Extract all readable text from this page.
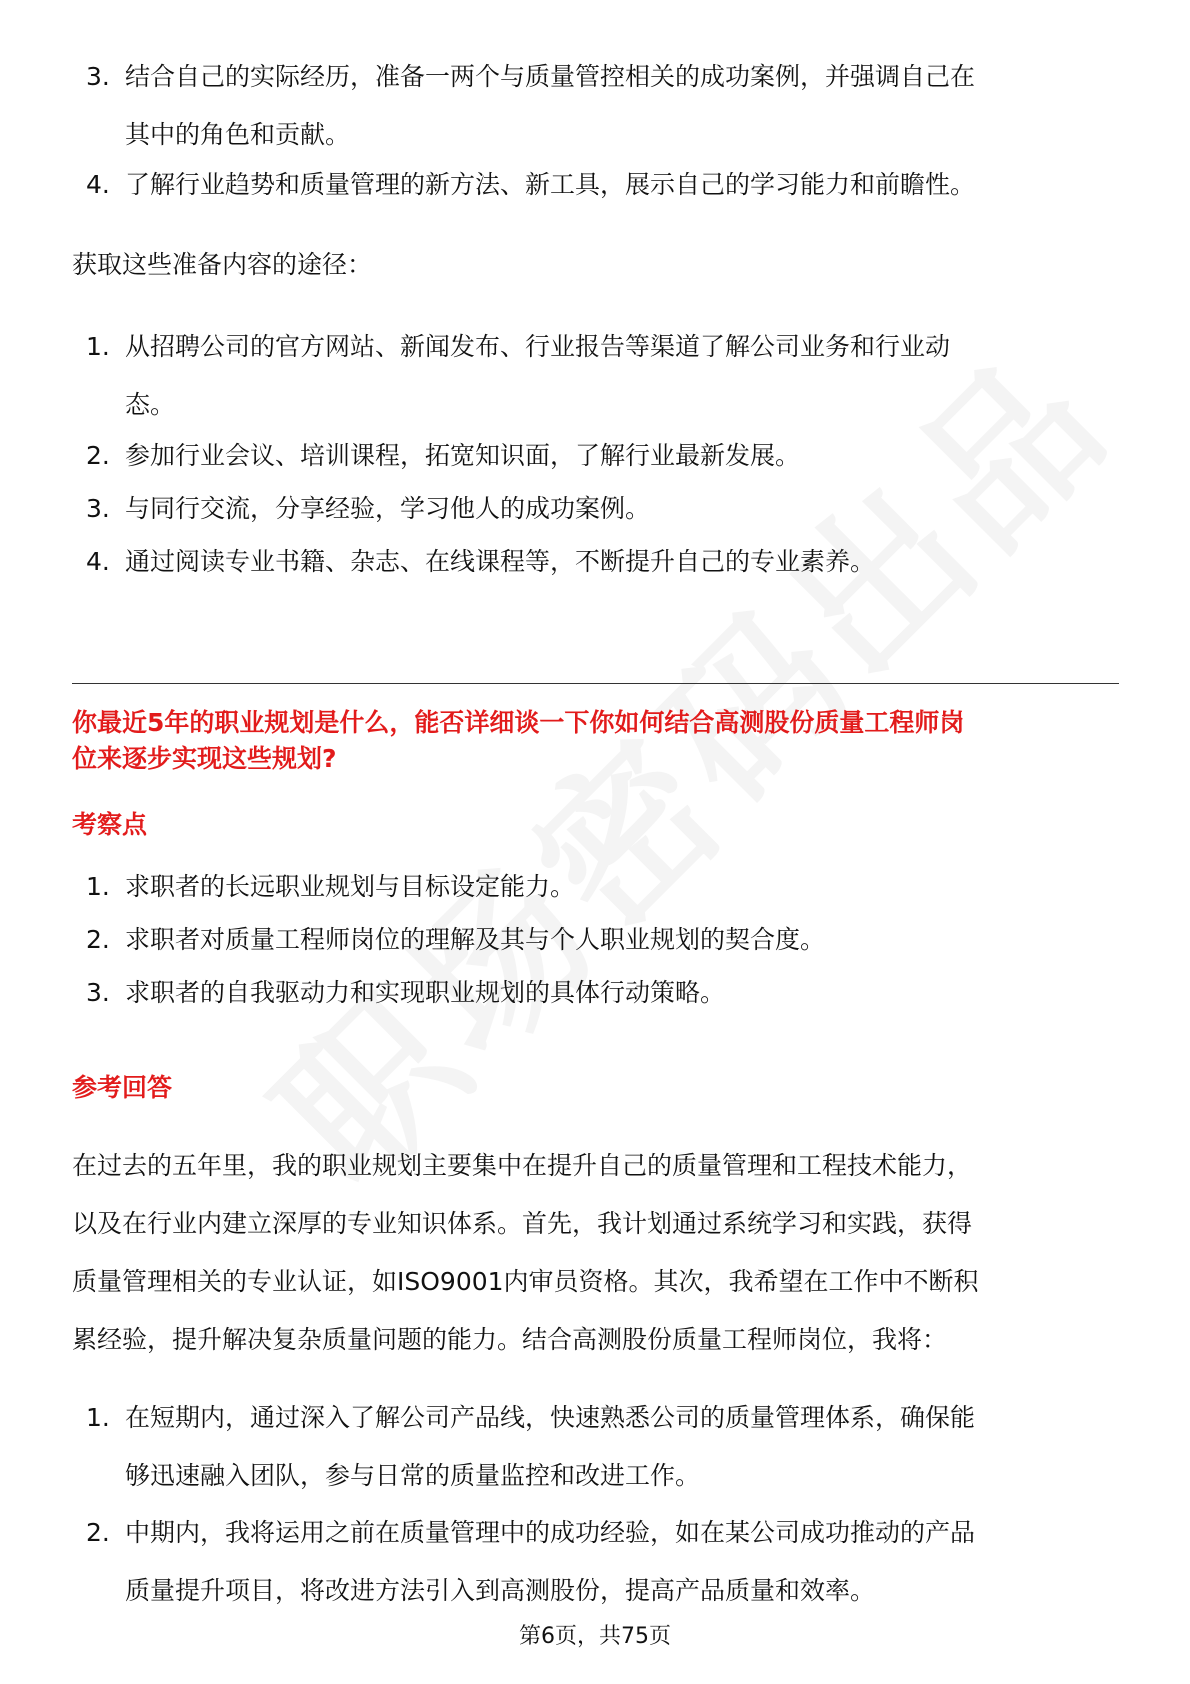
3. 结合自己的实际经历，准备一两个与质量管控相关的成功案例，并强调自己在
其中的角色和贡献。
4. 了解行业趋势和质量管理的新方法、新工具，展示自己的学习能力和前瞻性。
获取这些准备内容的途径：
1. 从招聘公司的官方网站、新闻发布、行业报告等渠道了解公司业务和行业动
态。
2. 参加行业会议、培训课程，拓宽知识面，了解行业最新发展。
3. 与同行交流，分享经验，学习他人的成功案例。
4. 通过阅读专业书籍、杂志、在线课程等，不断提升自己的专业素养。
你最近5年的职业规划是什么，能否详细谈一下你如何结合高测股份质量工程师岗
位来逐步实现这些规划?
考察点
1. 求职者的长远职业规划与目标设定能力。
2. 求职者对质量工程师岗位的理解及其与个人职业规划的契合度。
3. 求职者的自我驱动力和实现职业规划的具体行动策略。
参考回答
在过去的五年里，我的职业规划主要集中在提升自己的质量管理和工程技术能力，
以及在行业内建立深厚的专业知识体系。首先，我计划通过系统学习和实践，获得
质量管理相关的专业认证，如ISO9001内审员资格。其次，我希望在工作中不断积
累经验，提升解决复杂质量问题的能力。结合高测股份质量工程师岗位，我将：
1. 在短期内，通过深入了解公司产品线，快速熟悉公司的质量管理体系，确保能
够迅速融入团队，参与日常的质量监控和改进工作。
2. 中期内，我将运用之前在质量管理中的成功经验，如在某公司成功推动的产品
质量提升项目，将改进方法引入到高测股份，提高产品质量和效率。
第6页，共75页
